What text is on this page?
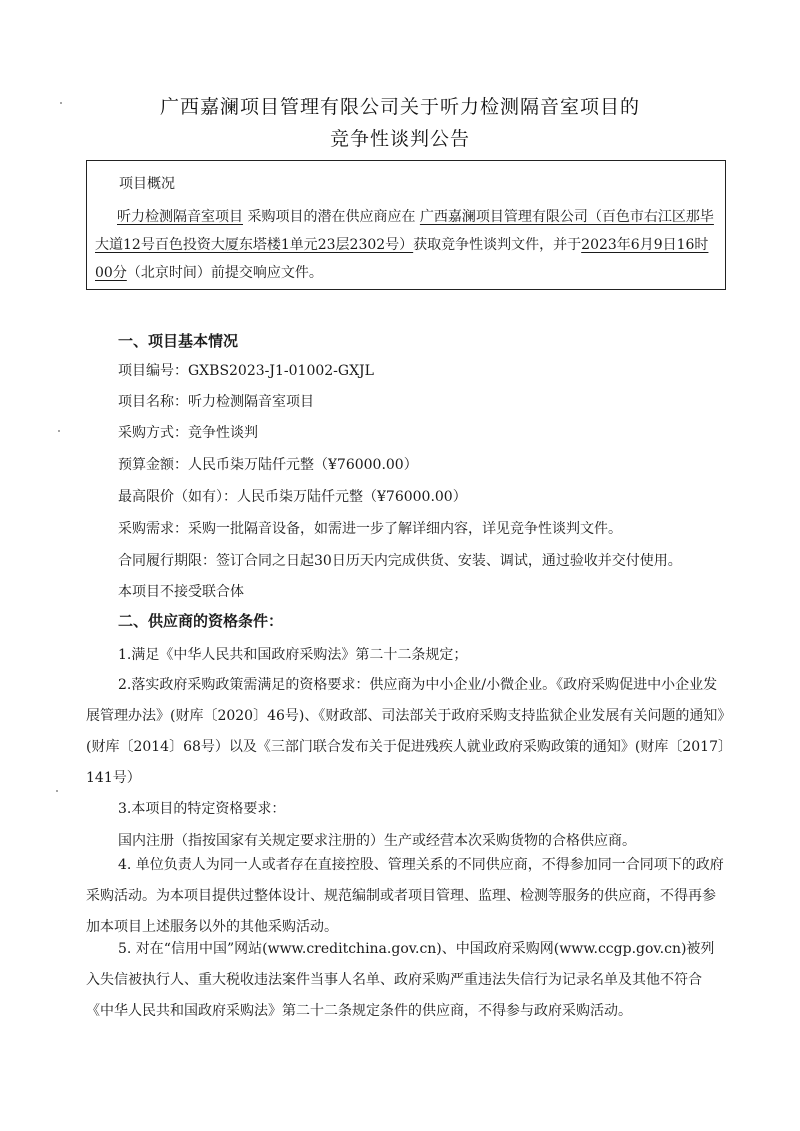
广西嘉澜项目管理有限公司关于听力检测隔音室项目的
竞争性谈判公告
项目概况
听力检测隔音室项目 采购项目的潜在供应商应在 广西嘉澜项目管理有限公司（百色市右江区那毕大道12号百色投资大厦东塔楼1单元23层2302号）获取竞争性谈判文件，并于2023年6月9日16时00分（北京时间）前提交响应文件。
一、项目基本情况
项目编号：GXBS2023-J1-01002-GXJL
项目名称：听力检测隔音室项目
采购方式：竞争性谈判
预算金额：人民币柒万陆仟元整（¥76000.00）
最高限价（如有）：人民币柒万陆仟元整（¥76000.00）
采购需求：采购一批隔音设备，如需进一步了解详细内容，详见竞争性谈判文件。
合同履行期限：签订合同之日起30日历天内完成供货、安装、调试，通过验收并交付使用。
本项目不接受联合体
二、供应商的资格条件：
1.满足《中华人民共和国政府采购法》第二十二条规定；
2.落实政府采购政策需满足的资格要求：供应商为中小企业/小微企业。《政府采购促进中小企业发展管理办法》(财库〔2020〕46号)、《财政部、司法部关于政府采购支持监狱企业发展有关问题的通知》(财库〔2014〕68号）以及《三部门联合发布关于促进残疾人就业政府采购政策的通知》(财库〔2017〕141号）
3.本项目的特定资格要求：
国内注册（指按国家有关规定要求注册的）生产或经营本次采购货物的合格供应商。
4. 单位负责人为同一人或者存在直接控股、管理关系的不同供应商，不得参加同一合同项下的政府采购活动。为本项目提供过整体设计、规范编制或者项目管理、监理、检测等服务的供应商，不得再参加本项目上述服务以外的其他采购活动。
5. 对在“信用中国”网站(www.creditchina.gov.cn)、中国政府采购网(www.ccgp.gov.cn)被列入失信被执行人、重大税收违法案件当事人名单、政府采购严重违法失信行为记录名单及其他不符合《中华人民共和国政府采购法》第二十二条规定条件的供应商，不得参与政府采购活动。
